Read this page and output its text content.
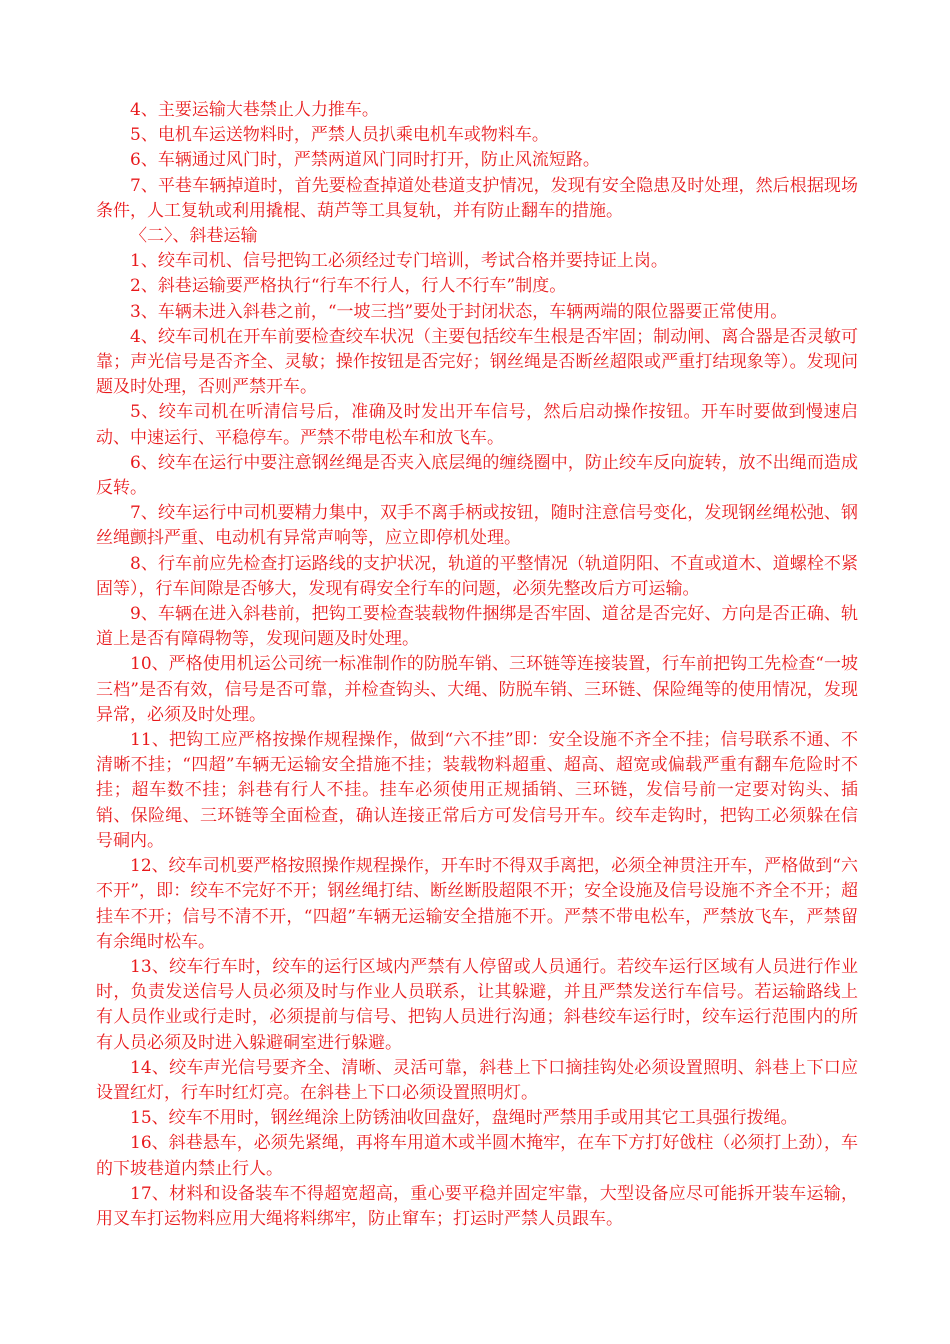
4、主要运输大巷禁止人力推车。

5、电机车运送物料时，严禁人员扒乘电机车或物料车。

6、车辆通过风门时，严禁两道风门同时打开，防止风流短路。

7、平巷车辆掉道时，首先要检查掉道处巷道支护情况，发现有安全隐患及时处理，然后根据现场条件，人工复轨或利用撬棍、葫芦等工具复轨，并有防止翻车的措施。

〈二〉、斜巷运输

1、绞车司机、信号把钩工必须经过专门培训，考试合格并要持证上岗。

2、斜巷运输要严格执行“行车不行人，行人不行车”制度。

3、车辆未进入斜巷之前，“一坡三挡”要处于封闭状态，车辆两端的限位器要正常使用。

4、绞车司机在开车前要检查绞车状况（主要包括绞车生根是否牢固；制动闸、离合器是否灵敏可靠；声光信号是否齐全、灵敏；操作按钮是否完好；钢丝绳是否断丝超限或严重打结现象等）。发现问题及时处理，否则严禁开车。

5、绞车司机在听清信号后，准确及时发出开车信号，然后启动操作按钮。开车时要做到慢速启动、中速运行、平稳停车。严禁不带电松车和放飞车。

6、绞车在运行中要注意钢丝绳是否夹入底层绳的缠绕圈中，防止绞车反向旋转，放不出绳而造成反转。

7、绞车运行中司机要精力集中，双手不离手柄或按钮，随时注意信号变化，发现钢丝绳松弛、钢丝绳颤抖严重、电动机有异常声响等，应立即停机处理。

8、行车前应先检查打运路线的支护状况，轨道的平整情况（轨道阴阳、不直或道木、道螺栓不紧固等），行车间隙是否够大，发现有碍安全行车的问题，必须先整改后方可运输。

9、车辆在进入斜巷前，把钩工要检查装载物件捆绑是否牢固、道岔是否完好、方向是否正确、轨道上是否有障碍物等，发现问题及时处理。

10、严格使用机运公司统一标准制作的防脱车销、三环链等连接装置，行车前把钩工先检查“一坡三档”是否有效，信号是否可靠，并检查钩头、大绳、防脱车销、三环链、保险绳等的使用情况，发现异常，必须及时处理。

11、把钩工应严格按操作规程操作，做到“六不挂”即：安全设施不齐全不挂；信号联系不通、不清晰不挂；“四超”车辆无运输安全措施不挂；装载物料超重、超高、超宽或偏载严重有翻车危险时不挂；超车数不挂；斜巷有行人不挂。挂车必须使用正规插销、三环链，发信号前一定要对钩头、插销、保险绳、三环链等全面检查，确认连接正常后方可发信号开车。绞车走钩时，把钩工必须躲在信号硐内。

12、绞车司机要严格按照操作规程操作，开车时不得双手离把，必须全神贯注开车，严格做到“六不开”，即：绞车不完好不开；钢丝绳打结、断丝断股超限不开；安全设施及信号设施不齐全不开；超挂车不开；信号不清不开，“四超”车辆无运输安全措施不开。严禁不带电松车，严禁放飞车，严禁留有余绳时松车。

13、绞车行车时，绞车的运行区域内严禁有人停留或人员通行。若绞车运行区域有人员进行作业时，负责发送信号人员必须及时与作业人员联系，让其躲避，并且严禁发送行车信号。若运输路线上有人员作业或行走时，必须提前与信号、把钩人员进行沟通；斜巷绞车运行时，绞车运行范围内的所有人员必须及时进入躲避硐室进行躲避。

14、绞车声光信号要齐全、清晰、灵活可靠，斜巷上下口摘挂钩处必须设置照明、斜巷上下口应设置红灯，行车时红灯亮。在斜巷上下口必须设置照明灯。

15、绞车不用时，钢丝绳涂上防锈油收回盘好，盘绳时严禁用手或用其它工具强行拨绳。

16、斜巷悬车，必须先紧绳，再将车用道木或半圆木掩牢，在车下方打好戗柱（必须打上劲），车的下坡巷道内禁止行人。

17、材料和设备装车不得超宽超高，重心要平稳并固定牢靠，大型设备应尽可能拆开装车运输，用叉车打运物料应用大绳将料绑牢，防止窜车；打运时严禁人员跟车。
